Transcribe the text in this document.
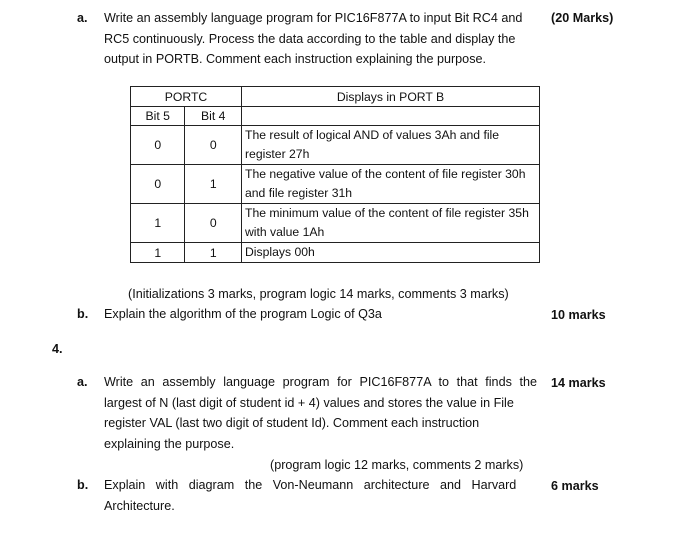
a. Write an assembly language program for PIC16F877A to input Bit RC4 and
RC5 continuously. Process the data according to the table and display the
output in PORTB. Comment each instruction explaining the purpose.
(20 Marks)
PORTC		Displays in PORT B
Bit 5	Bit 4	
0	0	The result of logical AND of values 3Ah and file register 27h
0	1	The negative value of the content of file register 30h and file register 31h
1	0	The minimum value of the content of file register 35h with value 1Ah
1	1	Displays 00h
(Initializations 3 marks, program logic 14 marks, comments 3 marks)
b. Explain the algorithm of the program Logic of Q3a	10 marks
4.
a. Write an assembly language program for PIC16F877A to that finds the
largest of N (last digit of student id + 4) values and stores the value in File
register VAL (last two digit of student Id). Comment each instruction
explaining the purpose.
14 marks
(program logic 12 marks, comments 2 marks)
b. Explain with diagram the Von-Neumann architecture and Harvard
Architecture.
6 marks
